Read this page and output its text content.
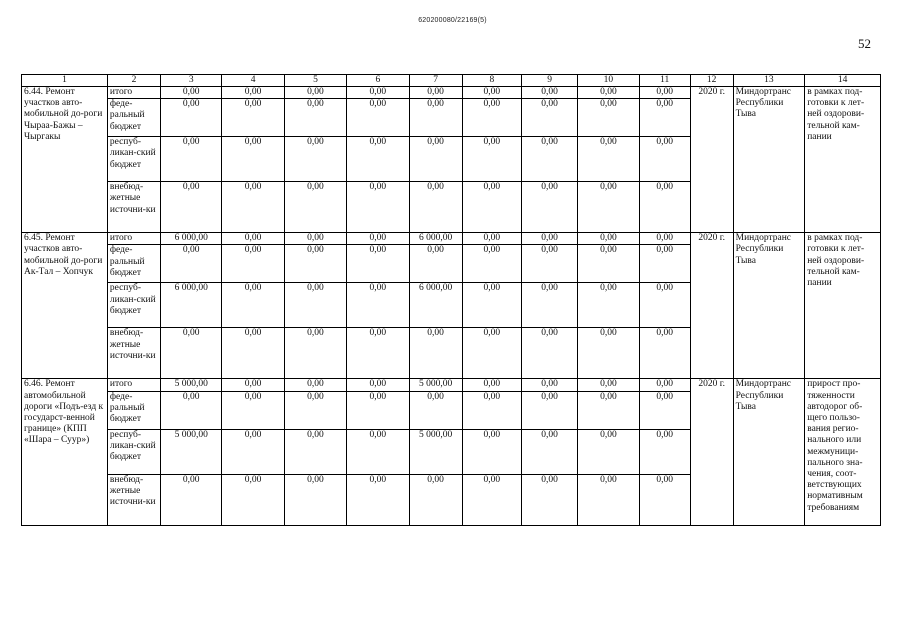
620200080/22169(5)
52
1	2	3	4	5	6	7	8	9	10	11	12	13	14
6.44. Ремонт участков авто-мобильной до-роги Чыраа-Бажы – Чыргакы	итого	0,00	0,00	0,00	0,00	0,00	0,00	0,00	0,00	0,00	2020 г.	Миндортранс Республики Тыва	в рамках под-готовки к лет-ней оздорови-тельной кам-пании
	феде-ральный бюджет	0,00	0,00	0,00	0,00	0,00	0,00	0,00	0,00	0,00			
	респуб-ликан-ский бюджет	0,00	0,00	0,00	0,00	0,00	0,00	0,00	0,00	0,00			
	внебюд-жетные источни-ки	0,00	0,00	0,00	0,00	0,00	0,00	0,00	0,00	0,00			
6.45. Ремонт участков авто-мобильной до-роги Ак-Тал – Хопчук	итого	6 000,00	0,00	0,00	0,00	6 000,00	0,00	0,00	0,00	0,00	2020 г.	Миндортранс Республики Тыва	в рамках под-готовки к лет-ней оздорови-тельной кам-пании
	феде-ральный бюджет	0,00	0,00	0,00	0,00	0,00	0,00	0,00	0,00	0,00			
	респуб-ликан-ский бюджет	6 000,00	0,00	0,00	0,00	6 000,00	0,00	0,00	0,00	0,00			
	внебюд-жетные источни-ки	0,00	0,00	0,00	0,00	0,00	0,00	0,00	0,00	0,00			
6.46. Ремонт автомобильной дороги «Подъ-езд к государст-венной границе» (КПП «Шара – Суур»)	итого	5 000,00	0,00	0,00	0,00	5 000,00	0,00	0,00	0,00	0,00	2020 г.	Миндортранс Республики Тыва	прирост про-тяженности автодорог об-щего пользо-вания регио-нального или межмуници-пального зна-чения, соот-ветствующих нормативным требованиям
	феде-ральный бюджет	0,00	0,00	0,00	0,00	0,00	0,00	0,00	0,00	0,00			
	респуб-ликан-ский бюджет	5 000,00	0,00	0,00	0,00	5 000,00	0,00	0,00	0,00	0,00			
	внебюд-жетные источни-ки	0,00	0,00	0,00	0,00	0,00	0,00	0,00	0,00	0,00			
